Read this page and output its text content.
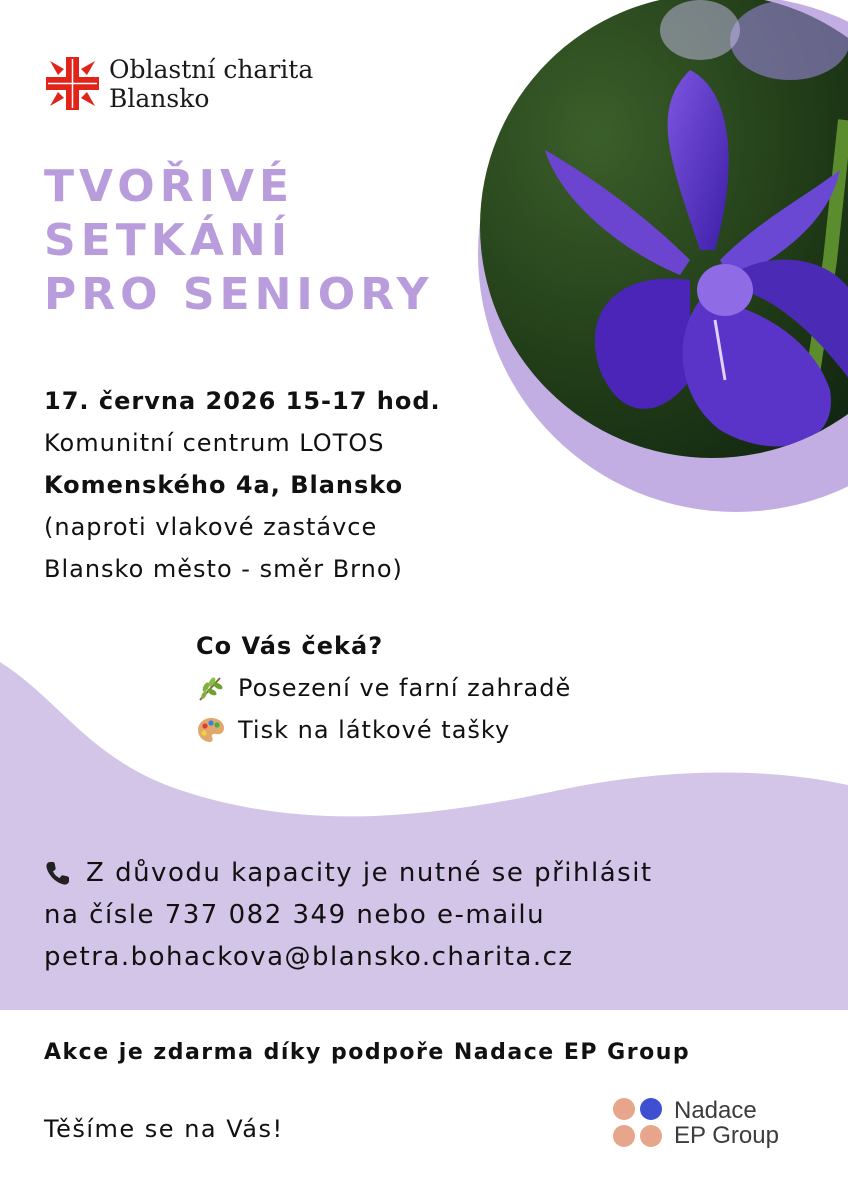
Oblastní charita
Blansko
TVOŘIVÉ
SETKÁNÍ
PRO SENIORY
17. června 2026 15-17 hod.
Komunitní centrum LOTOS
Komenského 4a, Blansko
(naproti vlakové zastávce
Blansko město - směr Brno)
Co Vás čeká?
Posezení ve farní zahradě
Tisk na látkové tašky
Z důvodu kapacity je nutné se přihlásit
na čísle 737 082 349 nebo e-mailu
petra.bohackova@blansko.charita.cz
Akce je zdarma díky podpoře Nadace EP Group
Těšíme se na Vás!
Nadace
EP Group
